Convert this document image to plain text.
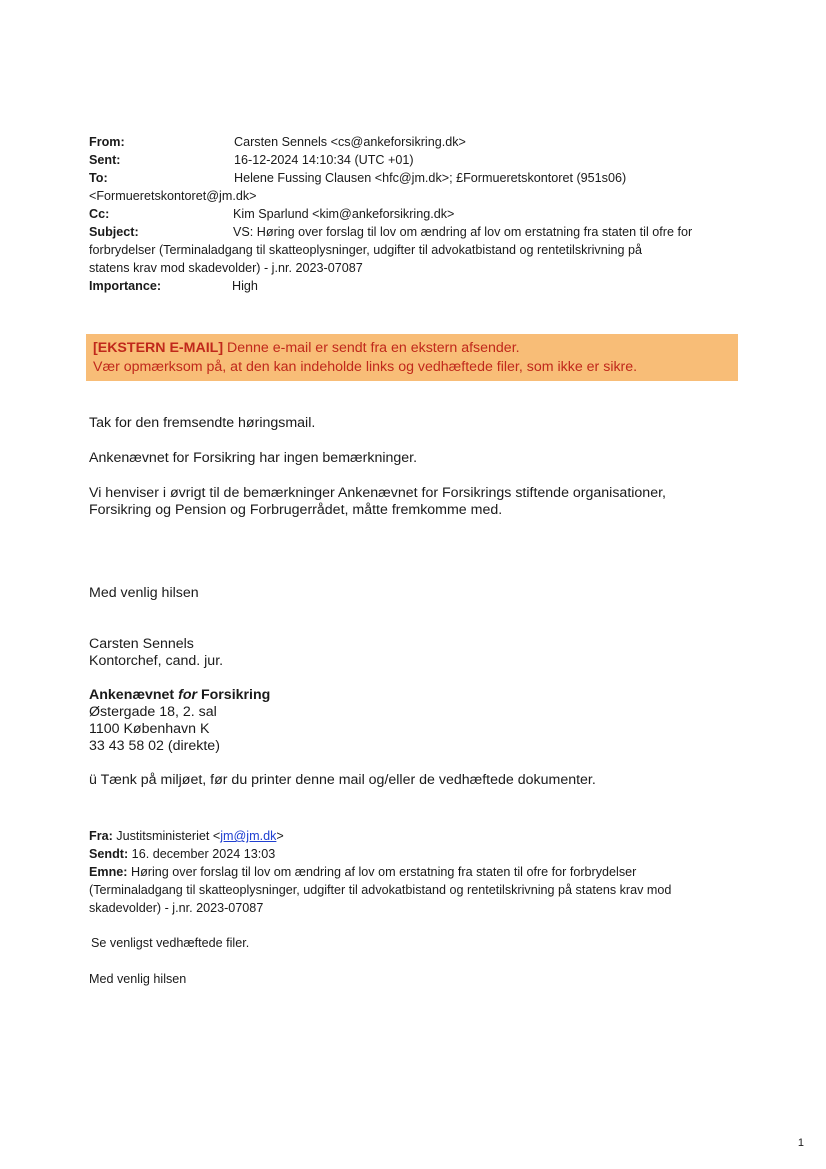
From:	Carsten Sennels <cs@ankeforsikring.dk>
Sent:	16-12-2024 14:10:34 (UTC +01)
To:	Helene Fussing Clausen <hfc@jm.dk>; £Formueretskontoret (951s06)
<Formueretskontoret@jm.dk>
Cc:	Kim Sparlund <kim@ankeforsikring.dk>
Subject:	VS: Høring over forslag til lov om ændring af lov om erstatning fra staten til ofre for
forbrydelser (Terminaladgang til skatteoplysninger, udgifter til advokatbistand og rentetilskrivning på
statens krav mod skadevolder) - j.nr. 2023-07087
Importance:	High
[EKSTERN E-MAIL] Denne e-mail er sendt fra en ekstern afsender.
Vær opmærksom på, at den kan indeholde links og vedhæftede filer, som ikke er sikre.
Tak for den fremsendte høringsmail.
Ankenævnet for Forsikring har ingen bemærkninger.
Vi henviser i øvrigt til de bemærkninger Ankenævnet for Forsikrings stiftende organisationer,
Forsikring og Pension og Forbrugerrådet, måtte fremkomme med.
Med venlig hilsen
Carsten Sennels
Kontorchef, cand. jur.
Ankenævnet for Forsikring
Østergade 18, 2. sal
1100 København K
33 43 58 02 (direkte)
ü Tænk på miljøet, før du printer denne mail og/eller de vedhæftede dokumenter.
Fra: Justitsministeriet <jm@jm.dk>
Sendt: 16. december 2024 13:03
Emne: Høring over forslag til lov om ændring af lov om erstatning fra staten til ofre for forbrydelser
(Terminaladgang til skatteoplysninger, udgifter til advokatbistand og rentetilskrivning på statens krav mod
skadevolder) - j.nr. 2023-07087
Se venligst vedhæftede filer.
Med venlig hilsen
1
